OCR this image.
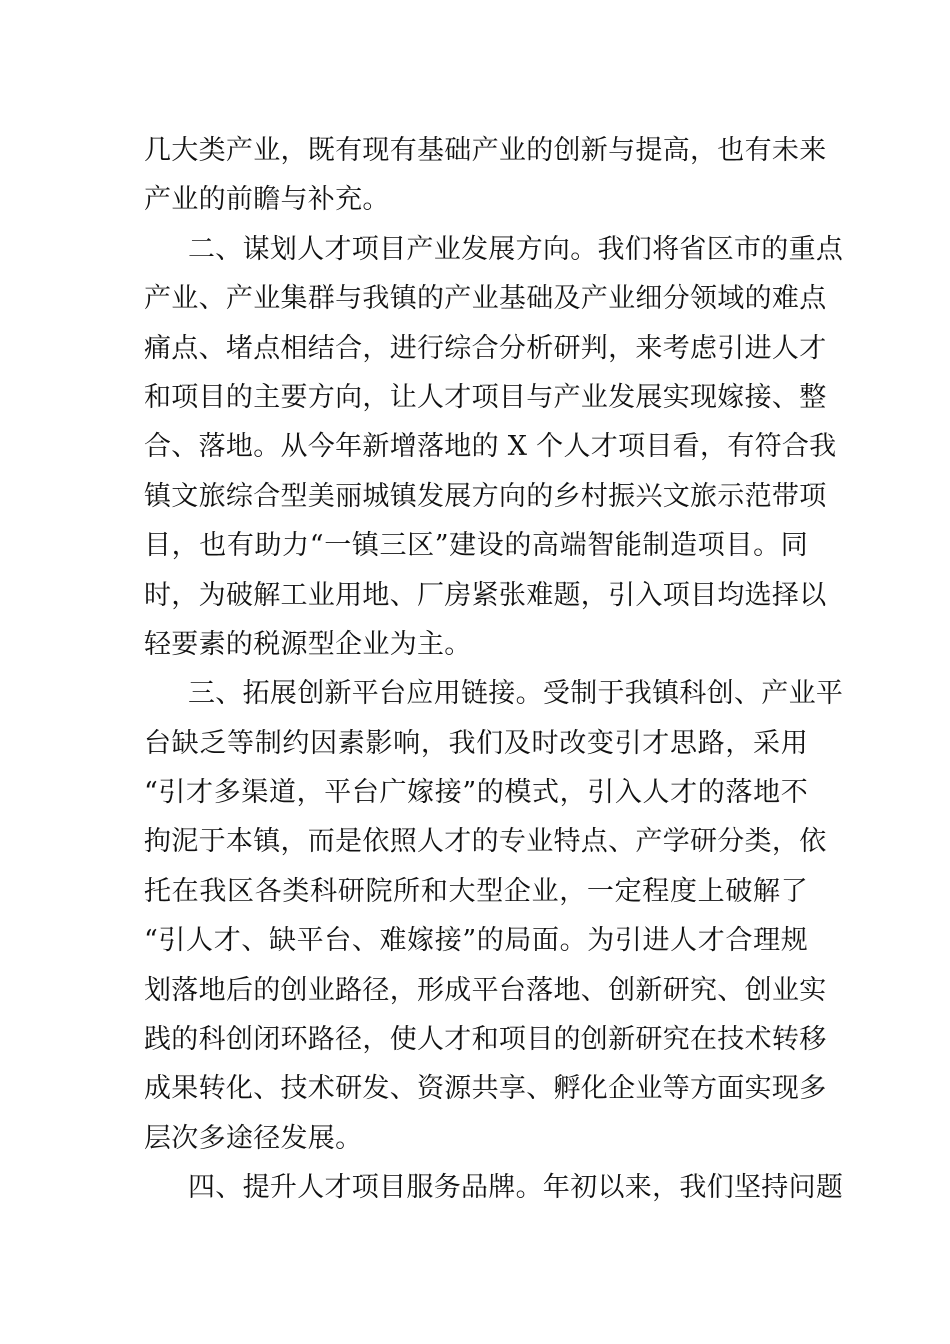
几大类产业，既有现有基础产业的创新与提高，也有未来
产业的前瞻与补充。
二、谋划人才项目产业发展方向。我们将省区市的重点
产业、产业集群与我镇的产业基础及产业细分领域的难点
痛点、堵点相结合，进行综合分析研判，来考虑引进人才
和项目的主要方向，让人才项目与产业发展实现嫁接、整
合、落地。从今年新增落地的 X 个人才项目看，有符合我
镇文旅综合型美丽城镇发展方向的乡村振兴文旅示范带项
目，也有助力“一镇三区”建设的高端智能制造项目。同
时，为破解工业用地、厂房紧张难题，引入项目均选择以
轻要素的税源型企业为主。
三、拓展创新平台应用链接。受制于我镇科创、产业平
台缺乏等制约因素影响，我们及时改变引才思路，采用
“引才多渠道，平台广嫁接”的模式，引入人才的落地不
拘泥于本镇，而是依照人才的专业特点、产学研分类，依
托在我区各类科研院所和大型企业，一定程度上破解了
“引人才、缺平台、难嫁接”的局面。为引进人才合理规
划落地后的创业路径，形成平台落地、创新研究、创业实
践的科创闭环路径，使人才和项目的创新研究在技术转移
成果转化、技术研发、资源共享、孵化企业等方面实现多
层次多途径发展。
四、提升人才项目服务品牌。年初以来，我们坚持问题
